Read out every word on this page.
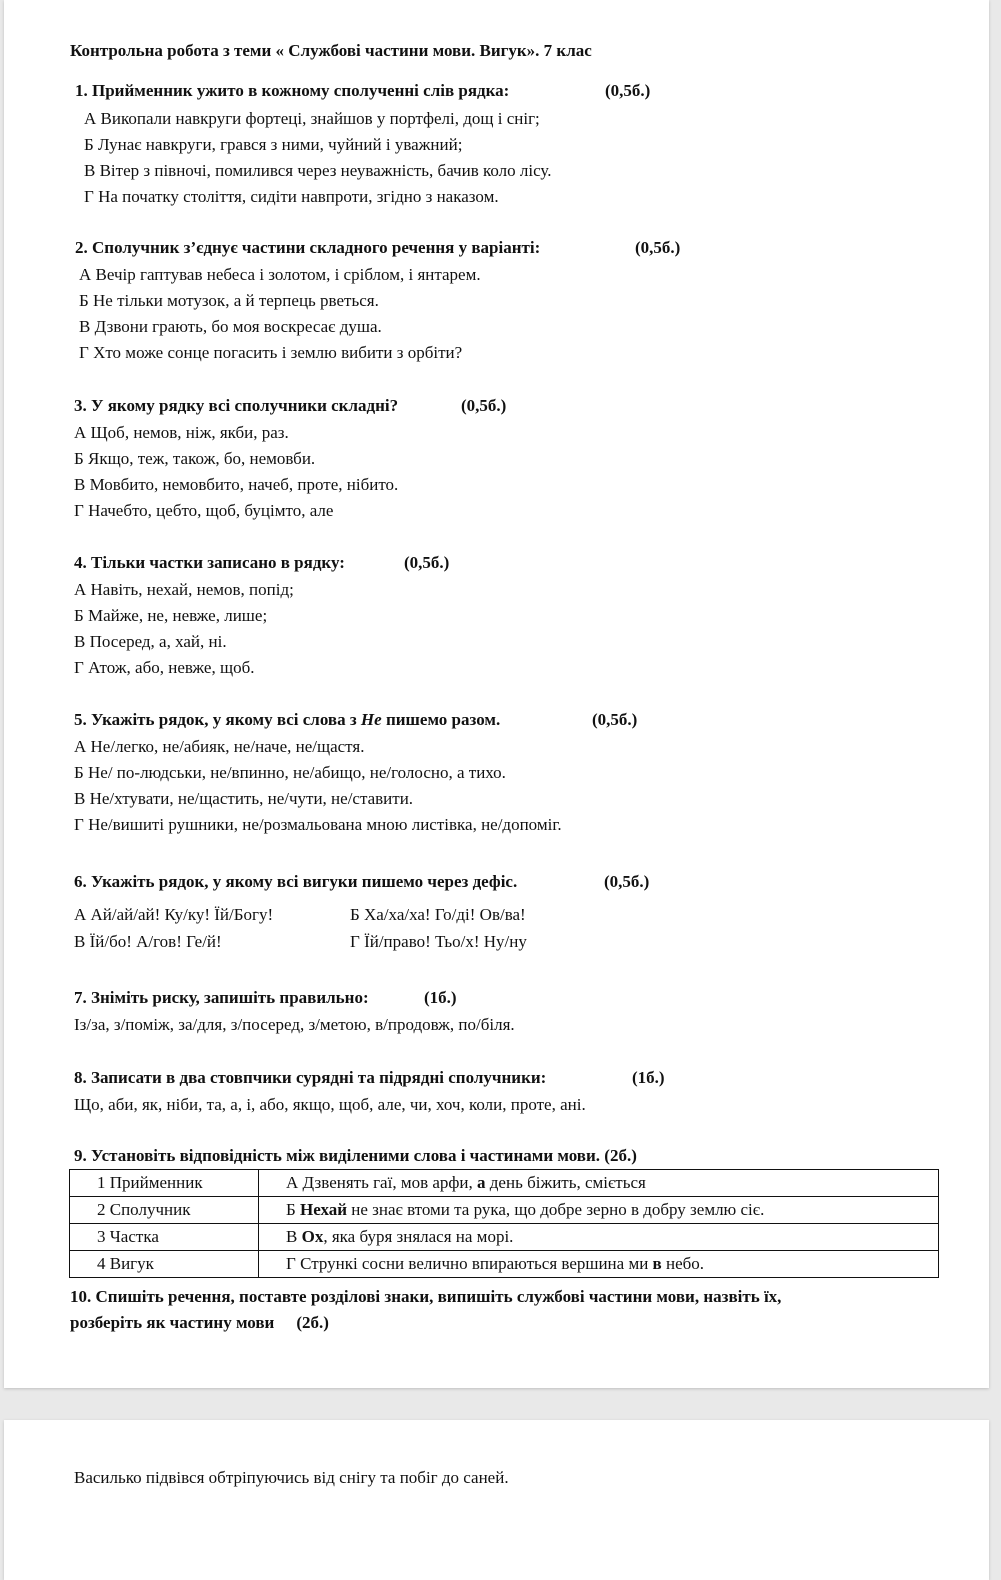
Контрольна робота з теми « Службові частини мови. Вигук». 7 клас
1. Прийменник ужито в кожному сполученні слів рядка:	(0,5б.)
А Викопали навкруги фортеці, знайшов у портфелі, дощ і сніг;
Б Лунає навкруги, грався з ними, чуйний і уважний;
В Вітер з півночі, помилився через неуважність, бачив коло лісу.
Г На початку століття, сидіти навпроти, згідно з наказом.
2. Сполучник з’єднує частини складного речення у варіанті:	(0,5б.)
А Вечір гаптував небеса і золотом, і сріблом, і янтарем.
Б Не тільки мотузок, а й терпець рветься.
В Дзвони грають, бо моя воскресає душа.
Г Хто може сонце погасить і землю вибити з орбіти?
3. У якому рядку всі сполучники складні?	(0,5б.)
А Щоб, немов, ніж, якби, раз.
Б Якщо, теж, також, бо, немовби.
В Мовбито, немовбито, начеб, проте, нібито.
Г Начебто, цебто, щоб, буцімто, але
4. Тільки частки записано в рядку:	(0,5б.)
А Навіть, нехай, немов, попід;
Б Майже, не, невже, лише;
В Посеред, а, хай, ні.
Г Атож, або, невже, щоб.
5. Укажіть рядок, у якому всі слова з Не пишемо разом.	(0,5б.)
А Не/легко, не/абияк, не/наче, не/щастя.
Б Не/ по-людськи, не/впинно, не/абищо, не/голосно, а тихо.
В Не/хтувати, не/щастить, не/чути, не/ставити.
Г Не/вишиті рушники, не/розмальована мною листівка, не/допоміг.
6. Укажіть рядок, у якому всі вигуки пишемо через дефіс.	(0,5б.)
А Ай/ай/ай! Ку/ку! Їй/Богу!	Б Ха/ха/ха! Го/ді! Ов/ва!
В Їй/бо! А/гов! Ге/й!	Г Їй/право! Тьо/х! Ну/ну
7. Зніміть риску, запишіть правильно:	(1б.)
Із/за, з/поміж, за/для, з/посеред, з/метою, в/продовж, по/біля.
8. Записати в два стовпчики сурядні та підрядні сполучники:	(1б.)
Що, аби, як, ніби, та, а, і, або, якщо, щоб, але, чи, хоч, коли, проте, ані.
9. Установіть відповідність між виділеними слова і частинами мови. (2б.)
1 Прийменник	А Дзвенять гаї, мов арфи, а день біжить, сміється
2 Сполучник	Б Нехай не знає втоми та рука, що добре зерно в добру землю сіє.
3 Частка	В Ох, яка буря знялася на морі.
4 Вигук	Г Стрункі сосни велично впираються вершина ми в небо.
10. Спишіть речення, поставте розділові знаки, випишіть службові частини мови, назвіть їх,
розберіть як частину мови (2б.)
Василько підвівся обтріпуючись від снігу та побіг до саней.
